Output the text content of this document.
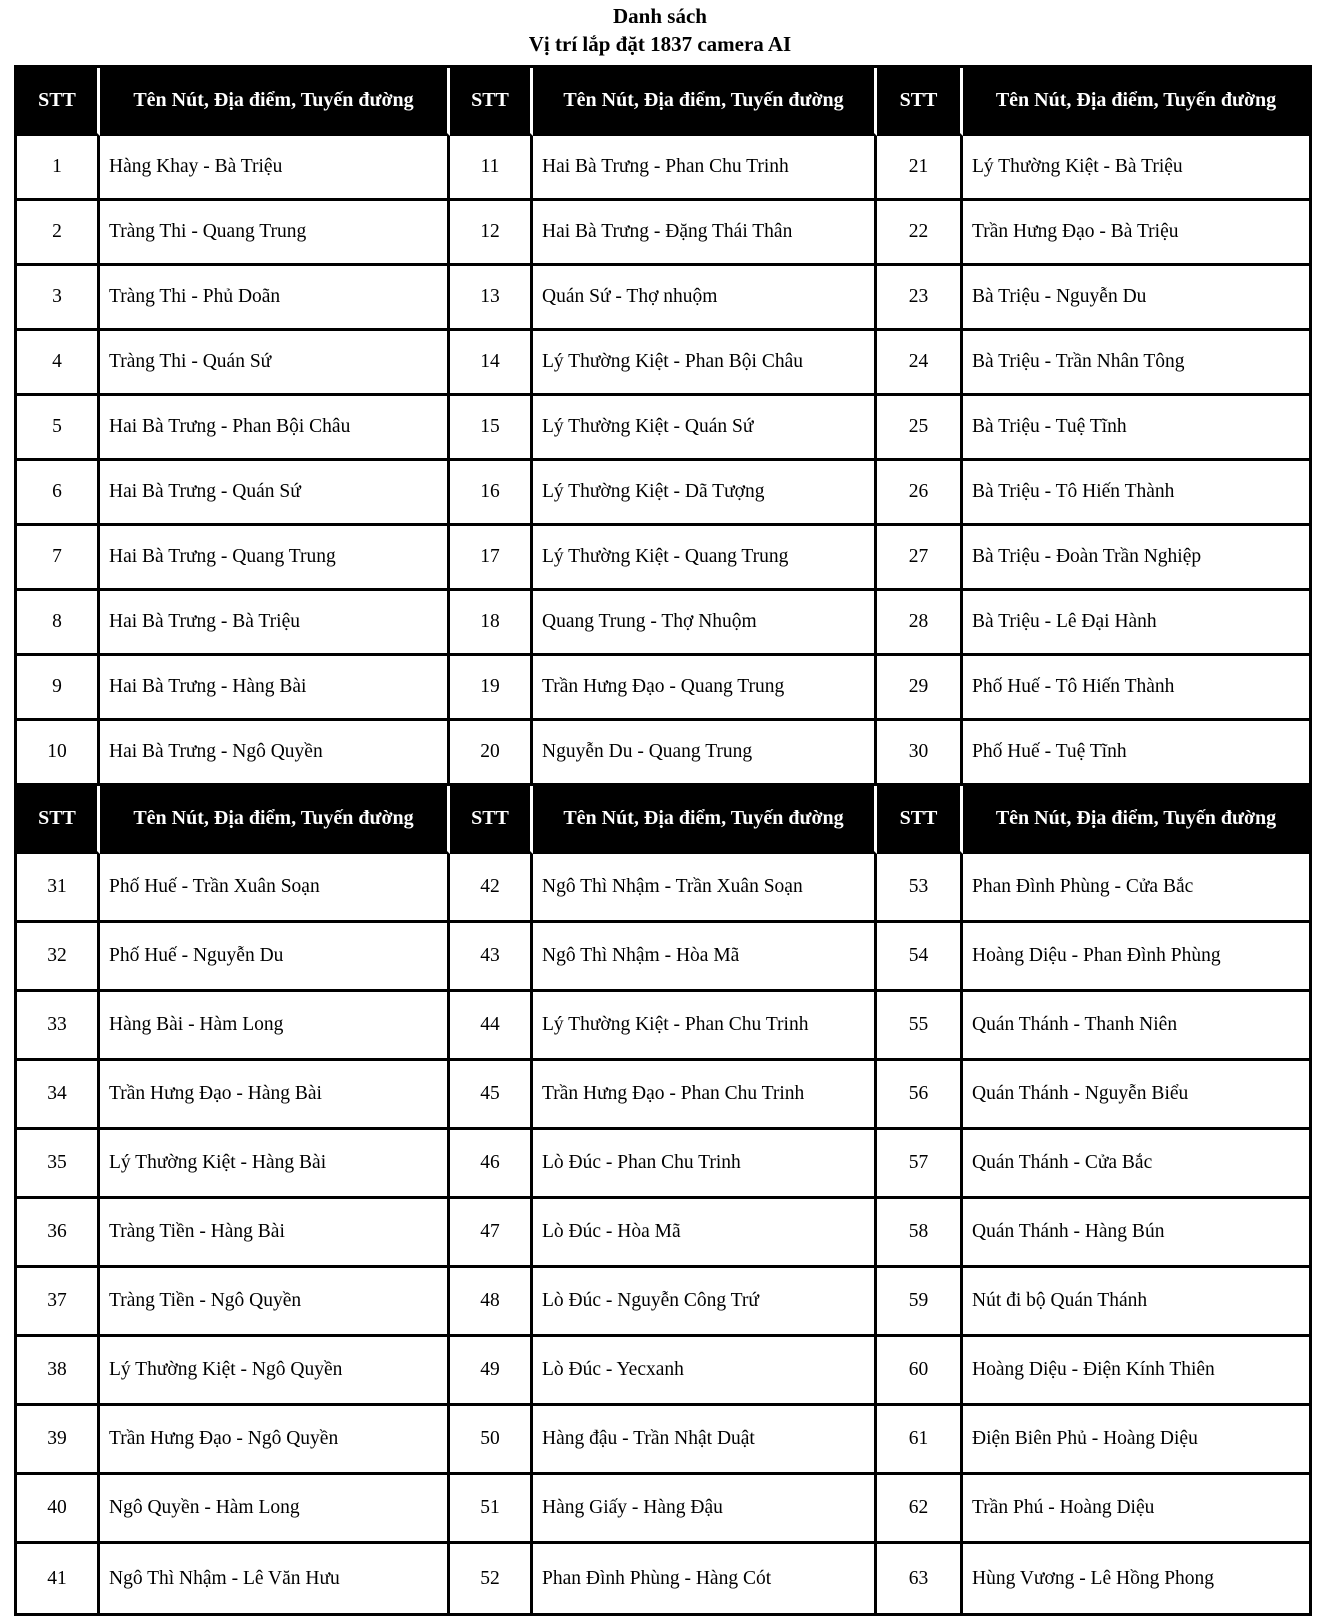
Danh sách
Vị trí lắp đặt 1837 camera AI
STT	Tên Nút, Địa điểm, Tuyến đường	STT	Tên Nút, Địa điểm, Tuyến đường	STT	Tên Nút, Địa điểm, Tuyến đường
1	Hàng Khay - Bà Triệu	11	Hai Bà Trưng - Phan Chu Trinh	21	Lý Thường Kiệt - Bà Triệu
2	Tràng Thi - Quang Trung	12	Hai Bà Trưng - Đặng Thái Thân	22	Trần Hưng Đạo - Bà Triệu
3	Tràng Thi - Phủ Doãn	13	Quán Sứ - Thợ nhuộm	23	Bà Triệu - Nguyễn Du
4	Tràng Thi - Quán Sứ	14	Lý Thường Kiệt - Phan Bội Châu	24	Bà Triệu - Trần Nhân Tông
5	Hai Bà Trưng - Phan Bội Châu	15	Lý Thường Kiệt - Quán Sứ	25	Bà Triệu - Tuệ Tĩnh
6	Hai Bà Trưng - Quán Sứ	16	Lý Thường Kiệt - Dã Tượng	26	Bà Triệu - Tô Hiến Thành
7	Hai Bà Trưng - Quang Trung	17	Lý Thường Kiệt - Quang Trung	27	Bà Triệu - Đoàn Trần Nghiệp
8	Hai Bà Trưng - Bà Triệu	18	Quang Trung - Thợ Nhuộm	28	Bà Triệu - Lê Đại Hành
9	Hai Bà Trưng - Hàng Bài	19	Trần Hưng Đạo - Quang Trung	29	Phố Huế - Tô Hiến Thành
10	Hai Bà Trưng - Ngô Quyền	20	Nguyễn Du - Quang Trung	30	Phố Huế - Tuệ Tĩnh
STT	Tên Nút, Địa điểm, Tuyến đường	STT	Tên Nút, Địa điểm, Tuyến đường	STT	Tên Nút, Địa điểm, Tuyến đường
31	Phố Huế - Trần Xuân Soạn	42	Ngô Thì Nhậm - Trần Xuân Soạn	53	Phan Đình Phùng - Cửa Bắc
32	Phố Huế - Nguyễn Du	43	Ngô Thì Nhậm - Hòa Mã	54	Hoàng Diệu - Phan Đình Phùng
33	Hàng Bài - Hàm Long	44	Lý Thường Kiệt - Phan Chu Trinh	55	Quán Thánh - Thanh Niên
34	Trần Hưng Đạo - Hàng Bài	45	Trần Hưng Đạo - Phan Chu Trinh	56	Quán Thánh - Nguyễn Biểu
35	Lý Thường Kiệt - Hàng Bài	46	Lò Đúc - Phan Chu Trinh	57	Quán Thánh - Cửa Bắc
36	Tràng Tiền - Hàng Bài	47	Lò Đúc - Hòa Mã	58	Quán Thánh - Hàng Bún
37	Tràng Tiền - Ngô Quyền	48	Lò Đúc - Nguyễn Công Trứ	59	Nút đi bộ Quán Thánh
38	Lý Thường Kiệt - Ngô Quyền	49	Lò Đúc - Yecxanh	60	Hoàng Diệu - Điện Kính Thiên
39	Trần Hưng Đạo - Ngô Quyền	50	Hàng đậu - Trần Nhật Duật	61	Điện Biên Phủ - Hoàng Diệu
40	Ngô Quyền - Hàm Long	51	Hàng Giấy - Hàng Đậu	62	Trần Phú - Hoàng Diệu
41	Ngô Thì Nhậm - Lê Văn Hưu	52	Phan Đình Phùng - Hàng Cót	63	Hùng Vương - Lê Hồng Phong
